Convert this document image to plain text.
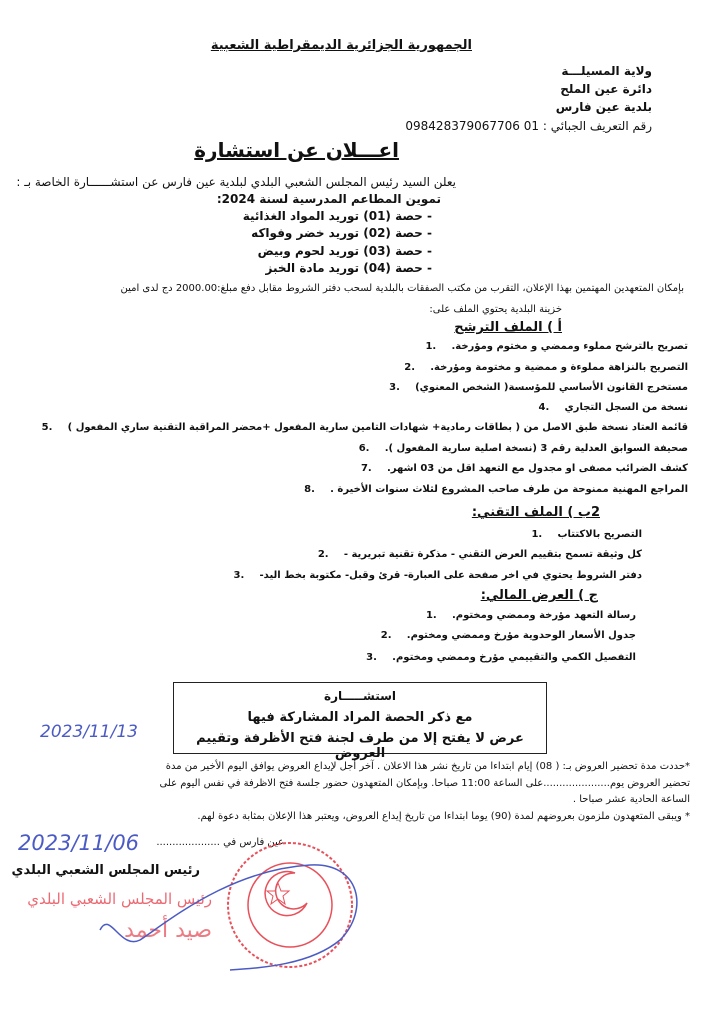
الجمهورية الجزائرية الديمقراطية الشعبية
ولاية المسيلـــة
دائرة عين الملح
بلدية عين فارس
رقم التعريف الجبائي : 01 098428379067706
اعـــلان عن استشارة
يعلن السيد رئيس المجلس الشعبي البلدي لبلدية عين فارس عن استشــــــارة الخاصة بـ :
تموين المطاعم المدرسية لسنة 2024:
- حصة (01) توريد المواد الغذائية
- حصة (02) توريد خضر وفواكه
- حصة (03) توريد لحوم وبيض
- حصة (04) توريد مادة الخبز
بإمكان المتعهدين المهتمين بهذا الإعلان، التقرب من مكتب الصفقات بالبلدية لسحب دفتر الشروط مقابل دفع مبلغ:2000.00 دج لدى امين
خزينة البلدية يحتوي الملف على:
أ ) الملف الترشح
تصريح بالترشح مملوء وممضي و مختوم ومؤرخة.1.
التصريح بالنزاهة مملوءة و ممضية و مختومة ومؤرخة.2.
مستخرج القانون الأساسي للمؤسسة( الشخص المعنوي)3.
نسخة من السجل التجاري4.
قائمة العتاد نسخة طبق الاصل من ( بطاقات رمادية+ شهادات التامين سارية المفعول +محضر المراقبة التقنية ساري المفعول )5.
صحيفة السوابق العدلية رقم 3 (نسخة اصلية سارية المفعول ).6.
كشف الضرائب مصفى او مجدول مع التعهد اقل من 03 اشهر.7.
المراجع المهنية ممنوحة من طرف صاحب المشروع لثلاث سنوات الأخيرة .8.
2ب ) الملف التقني:
التصريح بالاكتتاب1.
كل وثيقة تسمح بتقييم العرض التقني - مذكرة تقنية تبريرية -2.
دفتر الشروط يحتوي في اخر صفحة على العبارة- قرئ وقبل- مكتوبة بخط اليد-3.
ج ) العرض المالي:
رسالة التعهد مؤرخة وممضي ومختوم.1.
جدول الأسعار الوحدوية مؤرخ وممضي ومختوم.2.
التفصيل الكمي والتقييمي مؤرخ وممضي ومختوم.3.
استشـــــارة
مع ذكر الحصة المراد المشاركة فيها
عرض لا يفتح إلا من طرف لجنة فتح الأظرفة وتقييم العروض
2023/11/13
*حددت مدة تحضير العروض بـ: ( 08) إيام ابتداءا من تاريخ نشر هذا الاعلان . آخر أجل لإيداع العروض يوافق اليوم الأخير من مدة
تحضير العروض يوم.....................على الساعة 11:00 صباحا. وبإمكان المتعهدون حضور جلسة فتح الاظرفة في نفس اليوم على
الساعة الحادية عشر صباحا .
* ويبقى المتعهدون ملزمون بعروضهم لمدة (90) يوما ابتداءا من تاريخ إيداع العروض، ويعتبر هذا الإعلان بمثابة دعوة لهم.
2023/11/06 عين فارس في ....................
رئيس المجلس الشعبي البلدي
رئيس المجلس الشعبي البلدي
صيد أحمد
